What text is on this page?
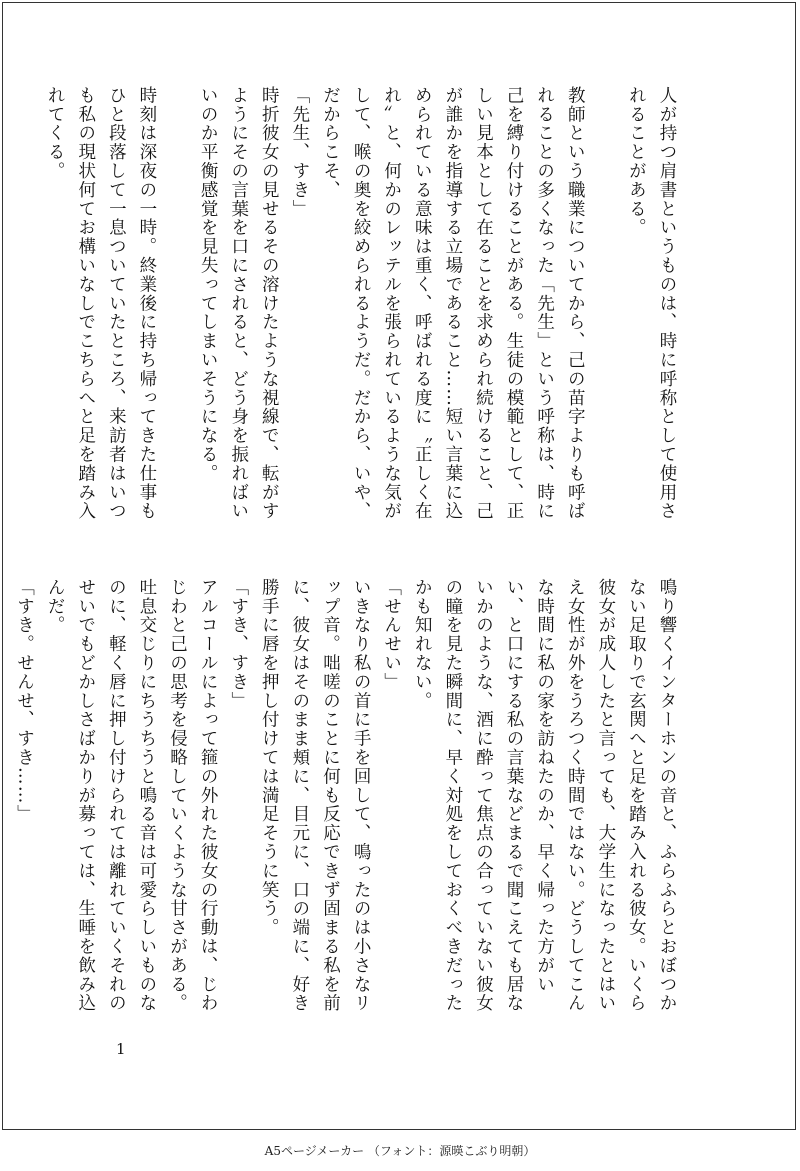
人が持つ肩書というものは、時に呼称として使用されることがある。

教師という職業についてから、己の苗字よりも呼ばれることの多くなった「先生」という呼称は、時に己を縛り付けることがある。生徒の模範として、正しい見本として在ることを求められ続けること、己が誰かを指導する立場であること……短い言葉に込められている意味は重く、呼ばれる度に〝正しく在れ〟と、何かのレッテルを張られているような気がして、喉の奥を絞められるようだ。だから、いや、だからこそ、

「先生、すき」

時折彼女の見せるその溶けたような視線で、転がすようにその言葉を口にされると、どう身を振ればいいのか平衡感覚を見失ってしまいそうになる。

時刻は深夜の一時。終業後に持ち帰ってきた仕事もひと段落して一息ついていたところ、来訪者はいつも私の現状何てお構いなしでこちらへと足を踏み入れてくる。

鳴り響くインターホンの音と、ふらふらとおぼつかない足取りで玄関へと足を踏み入れる彼女。いくら彼女が成人したと言っても、大学生になったとはいえ女性が外をうろつく時間ではない。どうしてこんな時間に私の家を訪ねたのか、早く帰った方がいい、と口にする私の言葉などまるで聞こえても居ないかのような、酒に酔って焦点の合っていない彼女の瞳を見た瞬間に、早く対処をしておくべきだったかも知れない。

「せんせい」

いきなり私の首に手を回して、鳴ったのは小さなリップ音。咄嗟のことに何も反応できず固まる私を前に、彼女はそのまま頬に、目元に、口の端に、好き勝手に唇を押し付けては満足そうに笑う。

「すき、すき」

アルコールによって箍の外れた彼女の行動は、じわじわと己の思考を侵略していくような甘さがある。吐息交じりにちうちうと鳴る音は可愛らしいものなのに、軽く唇に押し付けられては離れていくそれのせいでもどかしさばかりが募っては、生唾を飲み込んだ。

「すき。せんせ、すき……」

1
A5ページメーカー （フォント：源暎こぶり明朝）
